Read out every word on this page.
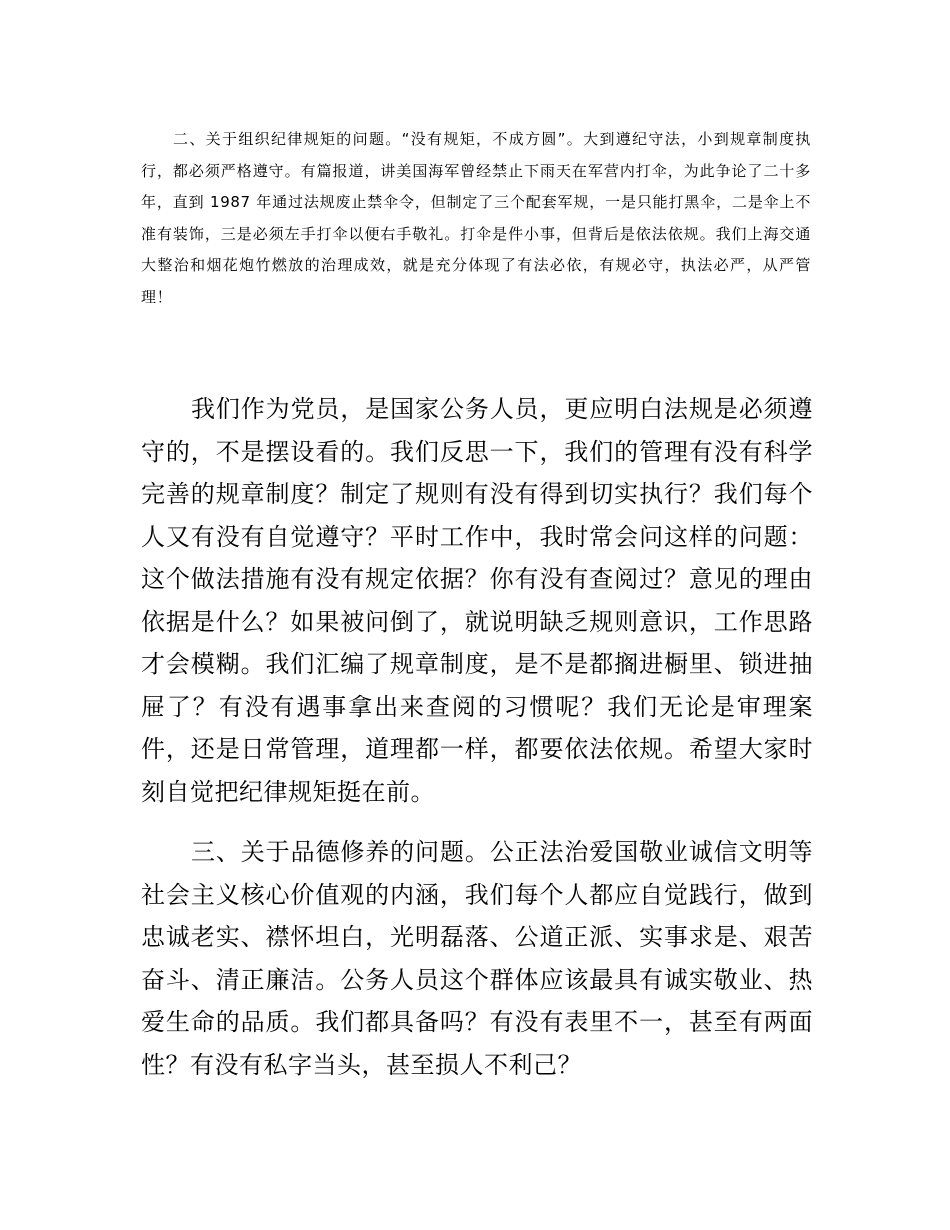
二、关于组织纪律规矩的问题。“没有规矩，不成方圆”。大到遵纪守法，小到规章制度执行，都必须严格遵守。有篇报道，讲美国海军曾经禁止下雨天在军营内打伞，为此争论了二十多年，直到 1987 年通过法规废止禁伞令，但制定了三个配套军规，一是只能打黑伞，二是伞上不准有装饰，三是必须左手打伞以便右手敬礼。打伞是件小事，但背后是依法依规。我们上海交通大整治和烟花炮竹燃放的治理成效，就是充分体现了有法必依，有规必守，执法必严，从严管理！

我们作为党员，是国家公务人员，更应明白法规是必须遵守的，不是摆设看的。我们反思一下，我们的管理有没有科学完善的规章制度？制定了规则有没有得到切实执行？我们每个人又有没有自觉遵守？平时工作中，我时常会问这样的问题：这个做法措施有没有规定依据？你有没有查阅过？意见的理由依据是什么？如果被问倒了，就说明缺乏规则意识，工作思路才会模糊。我们汇编了规章制度，是不是都搁进橱里、锁进抽屉了？有没有遇事拿出来查阅的习惯呢？我们无论是审理案件，还是日常管理，道理都一样，都要依法依规。希望大家时刻自觉把纪律规矩挺在前。

三、关于品德修养的问题。公正法治爱国敬业诚信文明等社会主义核心价值观的内涵，我们每个人都应自觉践行，做到忠诚老实、襟怀坦白，光明磊落、公道正派、实事求是、艰苦奋斗、清正廉洁。公务人员这个群体应该最具有诚实敬业、热爱生命的品质。我们都具备吗？有没有表里不一，甚至有两面性？有没有私字当头，甚至损人不利己？
